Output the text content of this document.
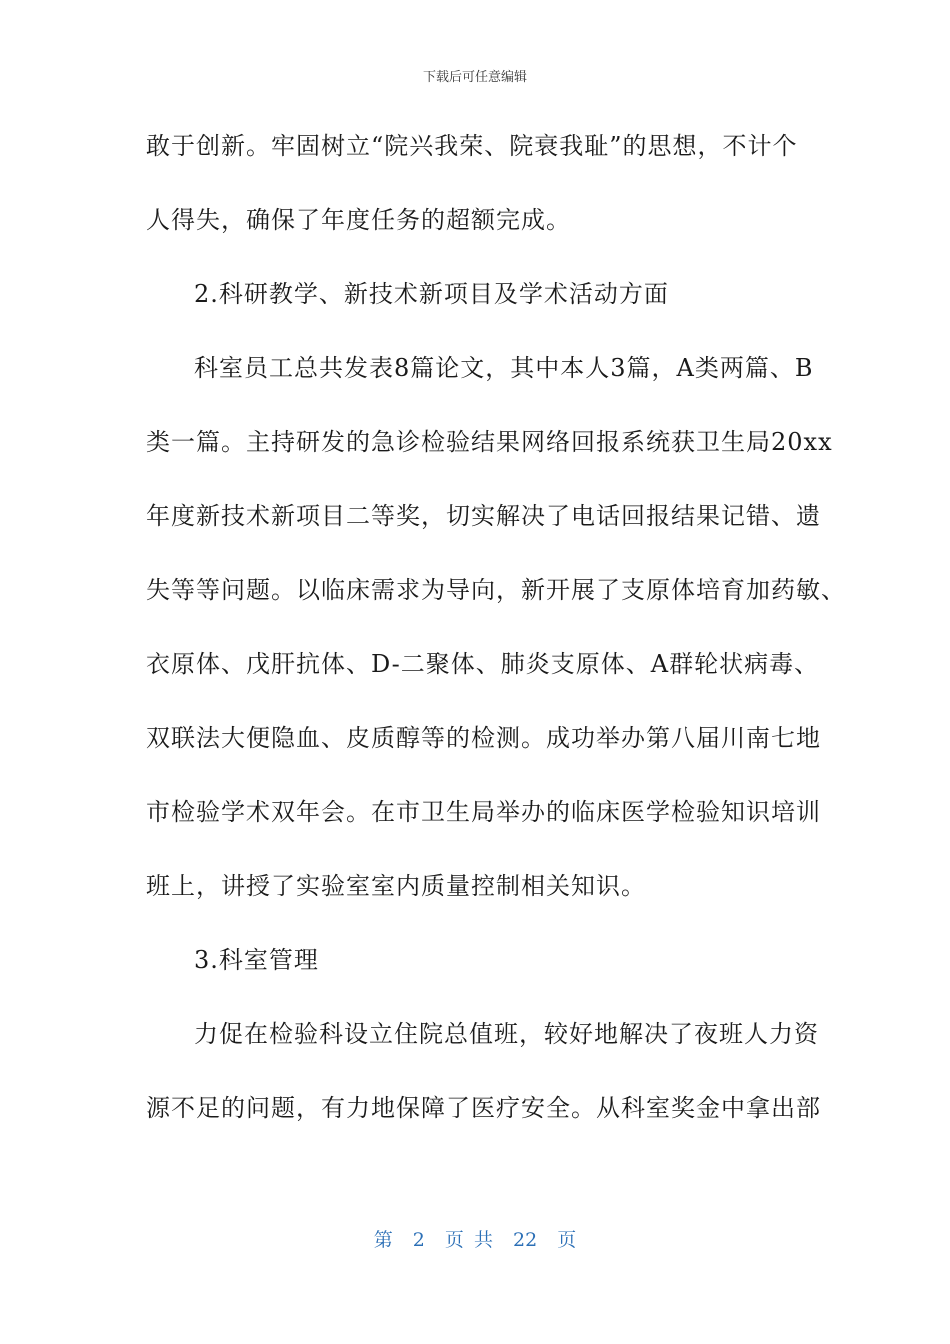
下载后可任意编辑
敢于创新。牢固树立“院兴我荣、院衰我耻”的思想，不计个
人得失，确保了年度任务的超额完成。
2.科研教学、新技术新项目及学术活动方面
科室员工总共发表8篇论文，其中本人3篇，A类两篇、B
类一篇。主持研发的急诊检验结果网络回报系统获卫生局20xx
年度新技术新项目二等奖，切实解决了电话回报结果记错、遗
失等等问题。以临床需求为导向，新开展了支原体培育加药敏、
衣原体、戊肝抗体、D-二聚体、肺炎支原体、A群轮状病毒、
双联法大便隐血、皮质醇等的检测。成功举办第八届川南七地
市检验学术双年会。在市卫生局举办的临床医学检验知识培训
班上，讲授了实验室室内质量控制相关知识。
3.科室管理
力促在检验科设立住院总值班，较好地解决了夜班人力资
源不足的问题，有力地保障了医疗安全。从科室奖金中拿出部
第 2 页 共 22 页
